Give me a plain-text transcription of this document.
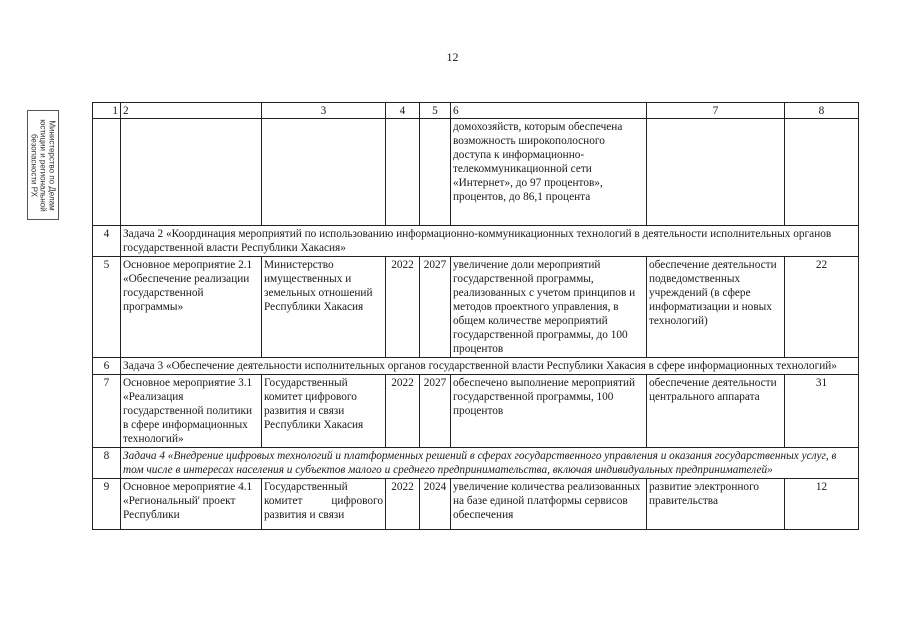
12
Министерство по Делам
юстиции и региональной
безопасности РХ
1	2	3	4	5	6	7	8
					домохозяйств, которым обеспечена возможность широкополосного доступа к информационно-телекоммуникационной сети «Интернет», до 97 процентов», процентов, до 86,1 процента		
4	Задача 2 «Координация мероприятий по использованию информационно-коммуникационных технологий в деятельности исполнительных органов государственной власти Республики Хакасия»						
5	Основное мероприятие 2.1 «Обеспечение реализации государственной программы»	Министерство имущественных и земельных отношений Республики Хакасия	2022	2027	увеличение доли мероприятий государственной программы, реализованных с учетом принципов и методов проектного управления, в общем количестве мероприятий государственной программы, до 100 процентов	обеспечение деятельности подведомственных учреждений (в сфере информатизации и новых технологий)	22
6	Задача 3 «Обеспечение деятельности исполнительных органов государственной власти Республики Хакасия в сфере информационных технологий»						
7	Основное мероприятие 3.1 «Реализация государственной политики в сфере информационных технологий»	Государственный комитет цифрового развития и связи Республики Хакасия	2022	2027	обеспечено выполнение мероприятий государственной программы, 100 процентов	обеспечение деятельности центрального аппарата	31
8	Задача 4 «Внедрение цифровых технологий и платформенных решений в сферах государственного управления и оказания государственных услуг, в том числе в интересах населения и субъектов малого и среднего предпринимательства, включая индивидуальных предпринимателей»						
9	Основное мероприятие 4.1 «Региональный' проект Республики	Государственный комитет цифрового развития и связи	2022	2024	увеличение количества реализованных на базе единой платформы сервисов обеспечения	развитие электронного правительства	12
